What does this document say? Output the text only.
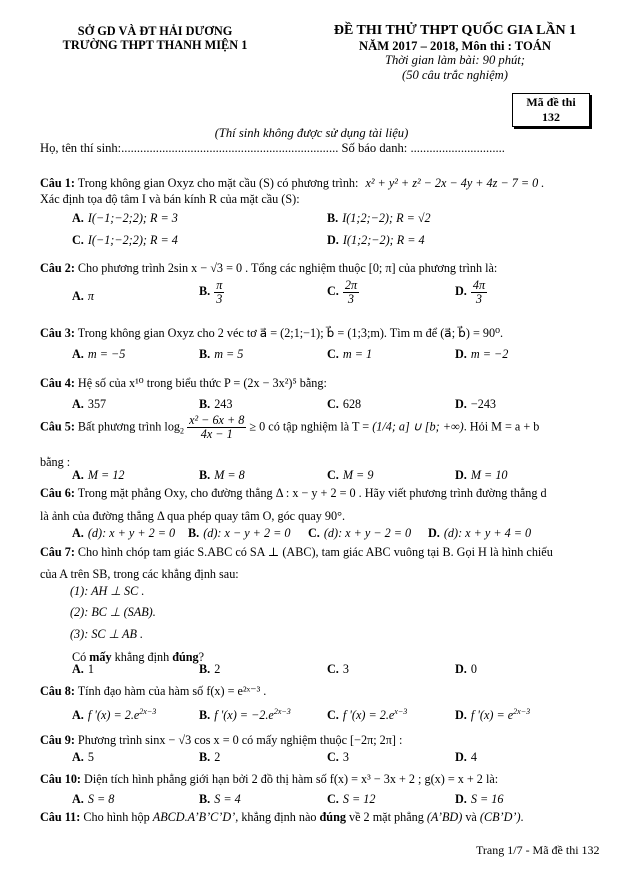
SỞ GD VÀ ĐT HẢI DƯƠNG
TRƯỜNG THPT THANH MIỆN 1
ĐỀ THI THỬ THPT QUỐC GIA LẦN 1
NĂM 2017 – 2018, Môn thi : TOÁN
Thời gian làm bài: 90 phút;
(50 câu trắc nghiệm)
Mã đề thi
132
(Thí sinh không được sử dụng tài liệu)
Họ, tên thí sinh:..................................................................... Số báo danh: ..............................
Câu 1: Trong không gian Oxyz cho mặt cầu (S) có phương trình: x² + y² + z² − 2x − 4y + 4z − 7 = 0 .
Xác định tọa độ tâm I và bán kính R của mặt cầu (S):
A. I(−1;−2;2); R = 3	B. I(1;2;−2); R = √2
C. I(−1;−2;2); R = 4	D. I(1;2;−2); R = 4
Câu 2: Cho phương trình 2sin x − √3 = 0 . Tổng các nghiệm thuộc [0; π] của phương trình là:
A. π	B. $\frac{\pi}{3}$	C. $\frac{2\pi}{3}$	D. $\frac{4\pi}{3}$
Câu 3: Trong không gian Oxyz cho 2 véc tơ a⃗ = (2;1;−1); b⃗ = (1;3;m). Tìm m để (a⃗; b⃗) = 90⁰.
A. m = −5	B. m = 5	C. m = 1	D. m = −2
Câu 4: Hệ số của x¹⁰ trong biểu thức P = (2x − 3x²)⁵ bằng:
A. 357	B. 243	C. 628	D. −243
Câu 5: Bất phương trình $\log_2 \frac{\text{x² − 6x + 8}}{4x - 1} \ge 0$ có tập nghiệm là T = (1/4; a] ∪ [b; +∞). Hỏi M = a + b
bằng :
A. M = 12	B. M = 8	C. M = 9	D. M = 10
Câu 6: Trong mặt phẳng Oxy, cho đường thẳng Δ : x − y + 2 = 0 . Hãy viết phương trình đường thẳng d
là ảnh của đường thẳng Δ qua phép quay tâm O, góc quay 90°.
A. (d): x + y + 2 = 0 B. (d): x − y + 2 = 0 C. (d): x + y − 2 = 0 D. (d): x + y + 4 = 0
Câu 7: Cho hình chóp tam giác S.ABC có SA ⊥ (ABC), tam giác ABC vuông tại B. Gọi H là hình chiếu
của A trên SB, trong các khẳng định sau:
(1): AH ⊥ SC .
(2): BC ⊥ (SAB).
(3): SC ⊥ AB .
Có mấy khẳng định đúng?
A. 1	B. 2	C. 3	D. 0
Câu 8: Tính đạo hàm của hàm số f(x) = e²ˣ⁻³ .
A. f '$(x) = 2.e^{2x-3}$	B. f '$(x) = -2.e^{2x-3}$	C. f '$(x) = 2.e^{x-3}$	D. f '$(x) = e^{2x-3}$
Câu 9: Phương trình sinx − √3 cos x = 0 có mấy nghiệm thuộc [−2π; 2π] :
A. 5	B. 2	C. 3	D. 4
Câu 10: Diện tích hình phẳng giới hạn bởi 2 đồ thị hàm số f(x) = x³ − 3x + 2 ; g(x) = x + 2 là:
A. S = 8	B. S = 4	C. S = 12	D. S = 16
Câu 11: Cho hình hộp ABCD.A’B’C’D’, khẳng định nào đúng về 2 mặt phẳng (A’BD) và (CB’D’).
Trang 1/7 - Mã đề thi 132
